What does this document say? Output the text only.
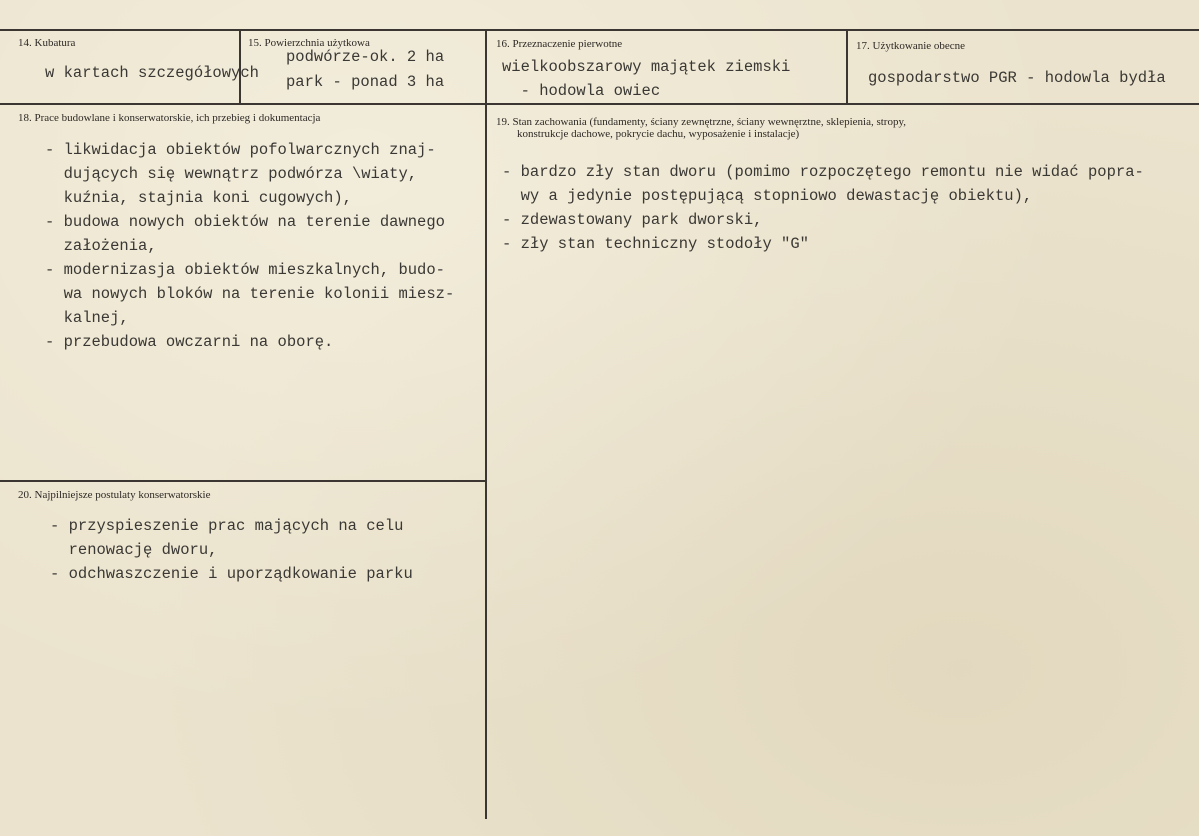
14. Kubatura
w kartach szczegółowych
15. Powierzchnia użytkowa
podwórze-ok. 2 ha
park - ponad 3 ha
16. Przeznaczenie pierwotne
wielkoobszarowy majątek ziemski
- hodowla owiec
17. Użytkowanie obecne
gospodarstwo PGR - hodowla bydła
18. Prace budowlane i konserwatorskie, ich przebieg i dokumentacja
- likwidacja obiektów pofolwarcznych znaj-
dujących się wewnątrz podwórza \wiaty,
kuźnia, stajnia koni cugowych),
- budowa nowych obiektów na terenie dawnego
założenia,
- modernizasja obiektów mieszkalnych, budo-
wa nowych bloków na terenie kolonii miesz-
kalnej,
- przebudowa owczarni na oborę.
19. Stan zachowania (fundamenty, ściany zewnętrzne, ściany wewnęrztne, sklepienia, stropy,
konstrukcje dachowe, pokrycie dachu, wyposażenie i instalacje)
- bardzo zły stan dworu (pomimo rozpoczętego remontu nie widać popra-
wy a jedynie postępującą stopniowo dewastację obiektu),
- zdewastowany park dworski,
- zły stan techniczny stodoły "G"
20. Najpilniejsze postulaty konserwatorskie
- przyspieszenie prac mających na celu
renowację dworu,
- odchwaszczenie i uporządkowanie parku
